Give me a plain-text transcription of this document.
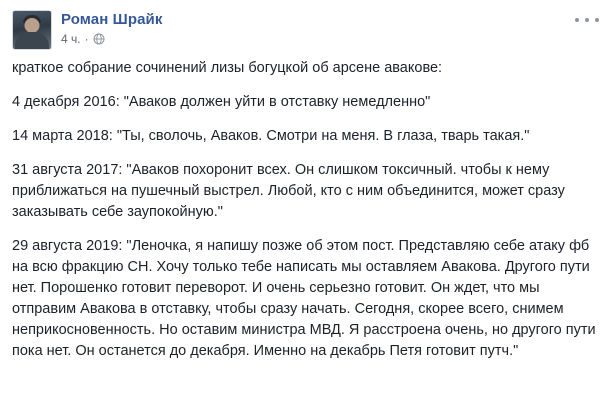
Роман Шрайк
4 ч. ·

краткое собрание сочинений лизы богуцкой об арсене авакове:

4 декабря 2016: "Аваков должен уйти в отставку немедленно"

14 марта 2018: "Ты, сволочь, Аваков. Смотри на меня. В глаза, тварь такая."

31 августа 2017: "Аваков похоронит всех. Он слишком токсичный. чтобы к нему приближаться на пушечный выстрел. Любой, кто с ним объединится, может сразу заказывать себе заупокойную."

29 августа 2019: "Леночка, я напишу позже об этом пост. Представляю себе атаку фб на всю фракцию СН. Хочу только тебе написать мы оставляем Авакова. Другого пути нет. Порошенко готовит переворот. И очень серьезно готовит. Он ждет, что мы отправим Авакова в отставку, чтобы сразу начать. Сегодня, скорее всего, снимем неприкосновенность. Но оставим министра МВД. Я расстроена очень, но другого пути пока нет. Он останется до декабря. Именно на декабрь Петя готовит путч."
